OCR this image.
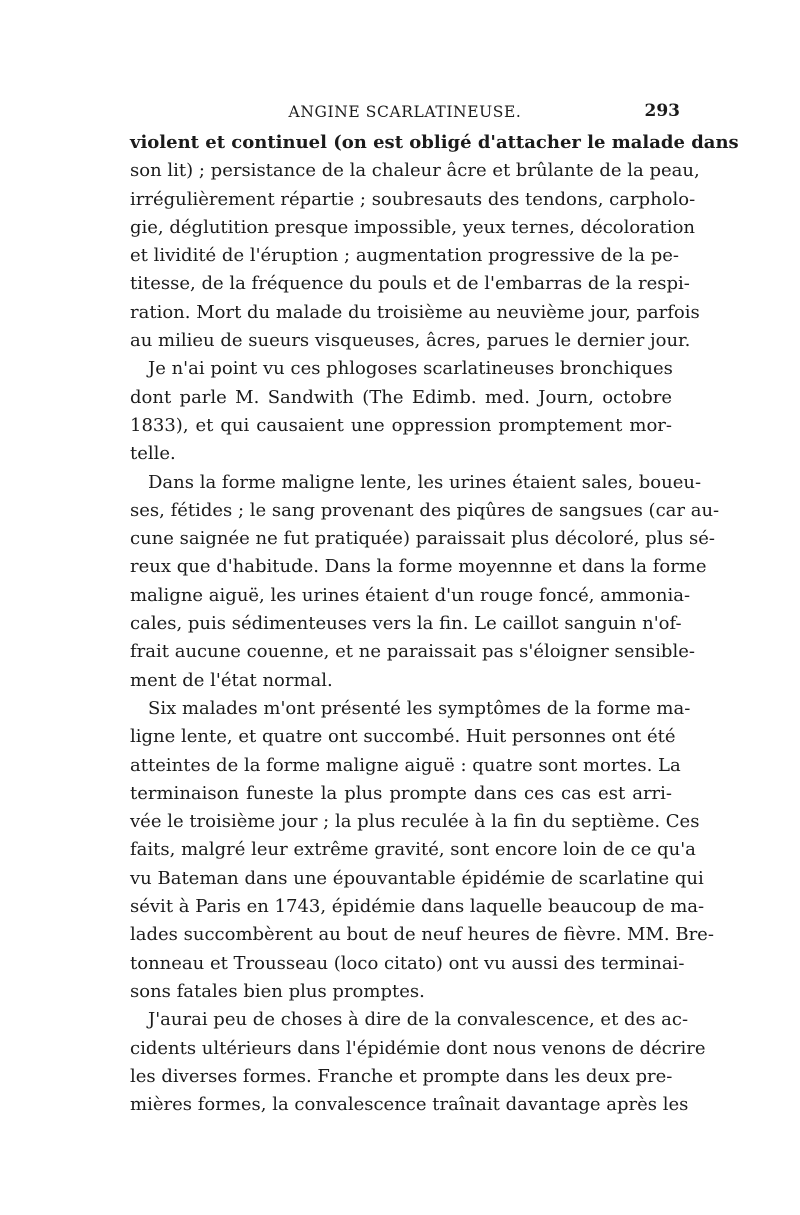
ANGINE SCARLATINEUSE.	293
violent et continuel (on est obligé d'attacher le malade dans
son lit) ; persistance de la chaleur âcre et brûlante de la peau,
irrégulièrement répartie ; soubresauts des tendons, carpholo-
gie, déglutition presque impossible, yeux ternes, décoloration
et lividité de l'éruption ; augmentation progressive de la pe-
titesse, de la fréquence du pouls et de l'embarras de la respi-
ration. Mort du malade du troisième au neuvième jour, parfois
au milieu de sueurs visqueuses, âcres, parues le dernier jour.
Je n'ai point vu ces phlogoses scarlatineuses bronchiques
dont parle M. Sandwith (The Edimb. med. Journ, octobre
1833), et qui causaient une oppression promptement mor-
telle.
Dans la forme maligne lente, les urines étaient sales, boueu-
ses, fétides ; le sang provenant des piqûres de sangsues (car au-
cune saignée ne fut pratiquée) paraissait plus décoloré, plus sé-
reux que d'habitude. Dans la forme moyennne et dans la forme
maligne aiguë, les urines étaient d'un rouge foncé, ammonia-
cales, puis sédimenteuses vers la fin. Le caillot sanguin n'of-
frait aucune couenne, et ne paraissait pas s'éloigner sensible-
ment de l'état normal.
Six malades m'ont présenté les symptômes de la forme ma-
ligne lente, et quatre ont succombé. Huit personnes ont été
atteintes de la forme maligne aiguë : quatre sont mortes. La
terminaison funeste la plus prompte dans ces cas est arri-
vée le troisième jour ; la plus reculée à la fin du septième. Ces
faits, malgré leur extrême gravité, sont encore loin de ce qu'a
vu Bateman dans une épouvantable épidémie de scarlatine qui
sévit à Paris en 1743, épidémie dans laquelle beaucoup de ma-
lades succombèrent au bout de neuf heures de fièvre. MM. Bre-
tonneau et Trousseau (loco citato) ont vu aussi des terminai-
sons fatales bien plus promptes.
J'aurai peu de choses à dire de la convalescence, et des ac-
cidents ultérieurs dans l'épidémie dont nous venons de décrire
les diverses formes. Franche et prompte dans les deux pre-
mières formes, la convalescence traînait davantage après les
